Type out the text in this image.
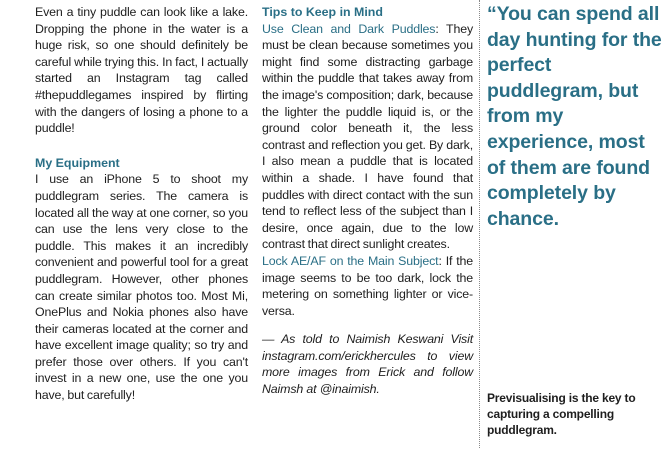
Even a tiny puddle can look like a lake. Dropping the phone in the water is a huge risk, so one should definitely be careful while trying this. In fact, I actually started an Instagram tag called #thepuddlegames inspired by flirting with the dangers of losing a phone to a puddle!

My Equipment

I use an iPhone 5 to shoot my puddlegram series. The camera is located all the way at one corner, so you can use the lens very close to the puddle. This makes it an incredibly convenient and powerful tool for a great puddlegram. However, other phones can create similar photos too. Most Mi, OnePlus and Nokia phones also have their cameras located at the corner and have excellent image quality; so try and prefer those over others. If you can't invest in a new one, use the one you have, but carefully!

Tips to Keep in Mind

Use Clean and Dark Puddles: They must be clean because sometimes you might find some distracting garbage within the puddle that takes away from the image's composition; dark, because the lighter the puddle liquid is, or the ground color beneath it, the less contrast and reflection you get. By dark, I also mean a puddle that is located within a shade. I have found that puddles with direct contact with the sun tend to reflect less of the subject than I desire, once again, due to the low contrast that direct sunlight creates.

Lock AE/AF on the Main Subject: If the image seems to be too dark, lock the metering on something lighter or vice-versa.

— As told to Naimish Keswani Visit instagram.com/erickhercules to view more images from Erick and follow Naimsh at @inaimish.

“You can spend all day hunting for the perfect puddlegram, but from my experience, most of them are found completely by chance.

Previsualising is the key to capturing a compelling puddlegram.
